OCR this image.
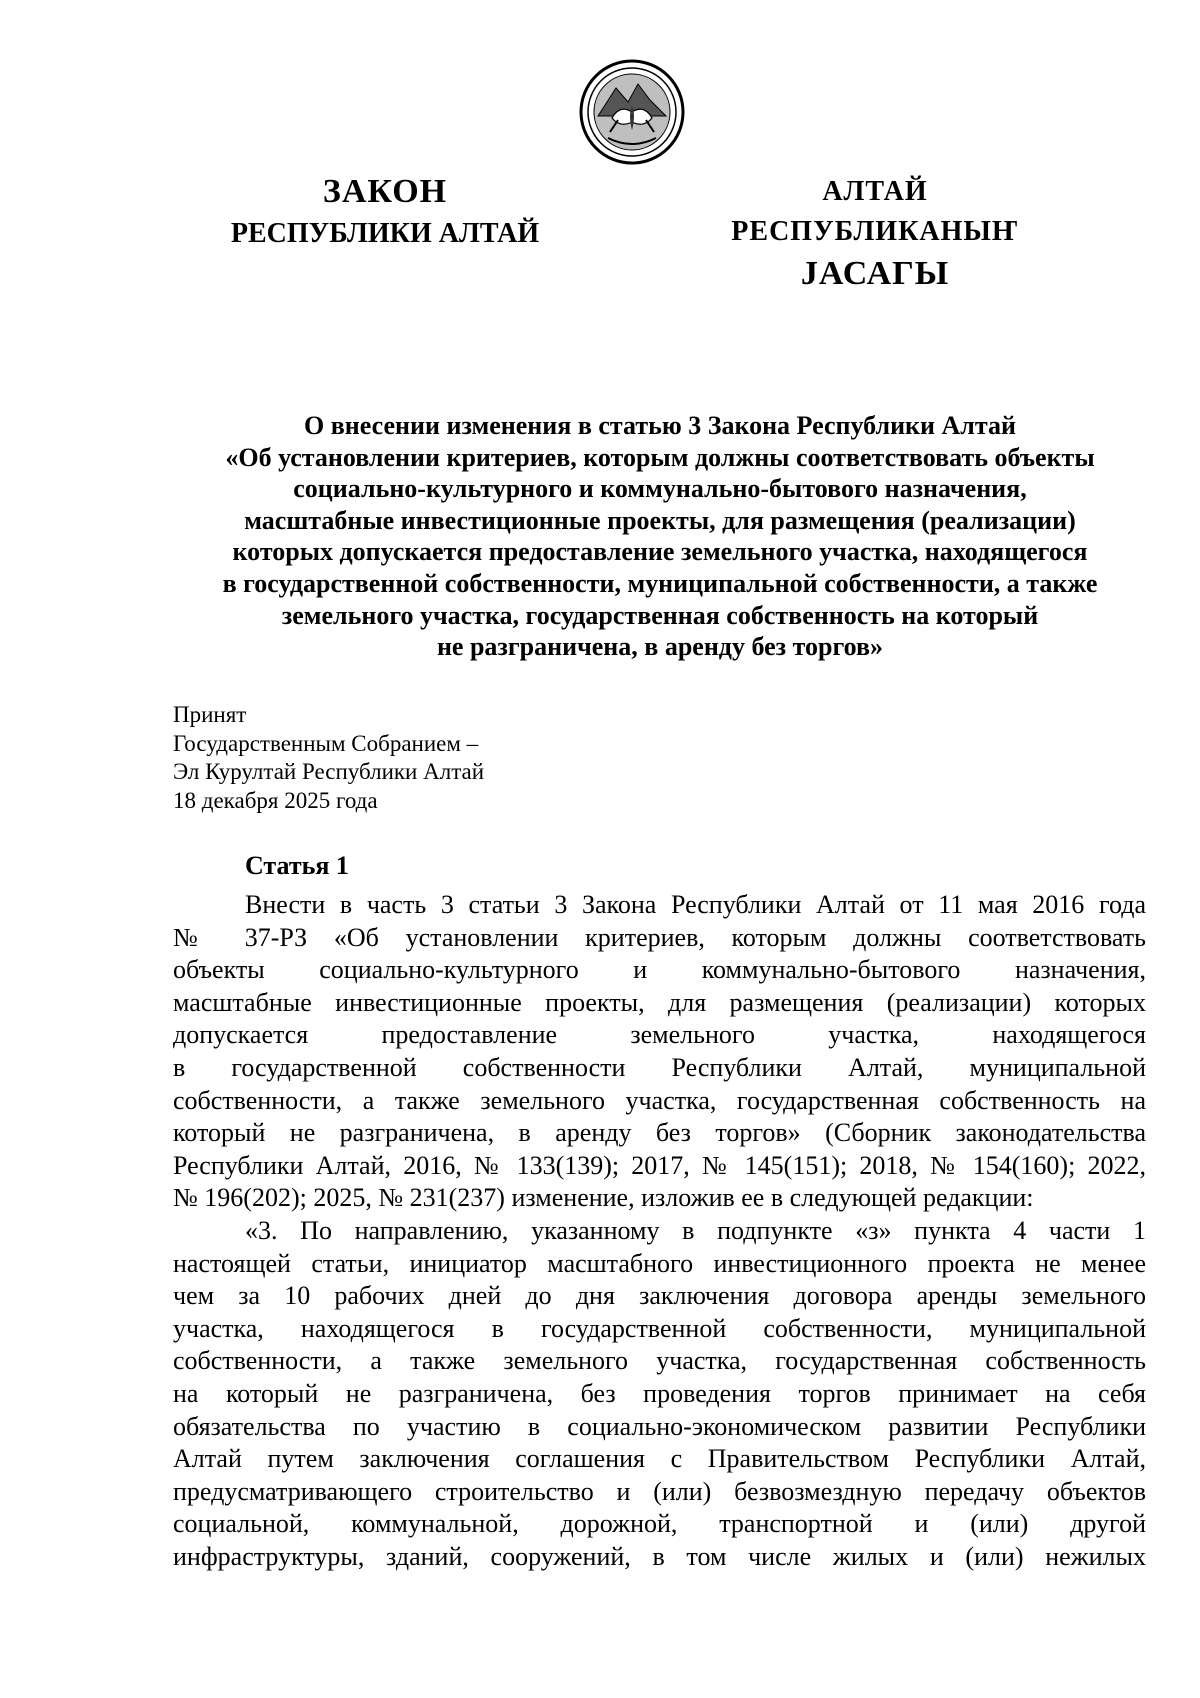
ЗАКОН
РЕСПУБЛИКИ АЛТАЙ
АЛТАЙ РЕСПУБЛИКАНЫҤ
JАСАГЫ
О внесении изменения в статью 3 Закона Республики Алтай
«Об установлении критериев, которым должны соответствовать объекты
социально-культурного и коммунально-бытового назначения,
масштабные инвестиционные проекты, для размещения (реализации)
которых допускается предоставление земельного участка, находящегося
в государственной собственности, муниципальной собственности, а также
земельного участка, государственная собственность на который
не разграничена, в аренду без торгов»
Принят
Государственным Собранием –
Эл Курултай Республики Алтай
18 декабря 2025 года
Статья 1
Внести в часть 3 статьи 3 Закона Республики Алтай от 11 мая 2016 года
№ 37-РЗ «Об установлении критериев, которым должны соответствовать
объекты социально-культурного и коммунально-бытового назначения,
масштабные инвестиционные проекты, для размещения (реализации) которых
допускается предоставление земельного участка, находящегося
в государственной собственности Республики Алтай, муниципальной
собственности, а также земельного участка, государственная собственность на
который не разграничена, в аренду без торгов» (Сборник законодательства
Республики Алтай, 2016, № 133(139); 2017, № 145(151); 2018, № 154(160); 2022,
№ 196(202); 2025, № 231(237) изменение, изложив ее в следующей редакции:
«3. По направлению, указанному в подпункте «з» пункта 4 части 1
настоящей статьи, инициатор масштабного инвестиционного проекта не менее
чем за 10 рабочих дней до дня заключения договора аренды земельного
участка, находящегося в государственной собственности, муниципальной
собственности, а также земельного участка, государственная собственность
на который не разграничена, без проведения торгов принимает на себя
обязательства по участию в социально-экономическом развитии Республики
Алтай путем заключения соглашения с Правительством Республики Алтай,
предусматривающего строительство и (или) безвозмездную передачу объектов
социальной, коммунальной, дорожной, транспортной и (или) другой
инфраструктуры, зданий, сооружений, в том числе жилых и (или) нежилых
